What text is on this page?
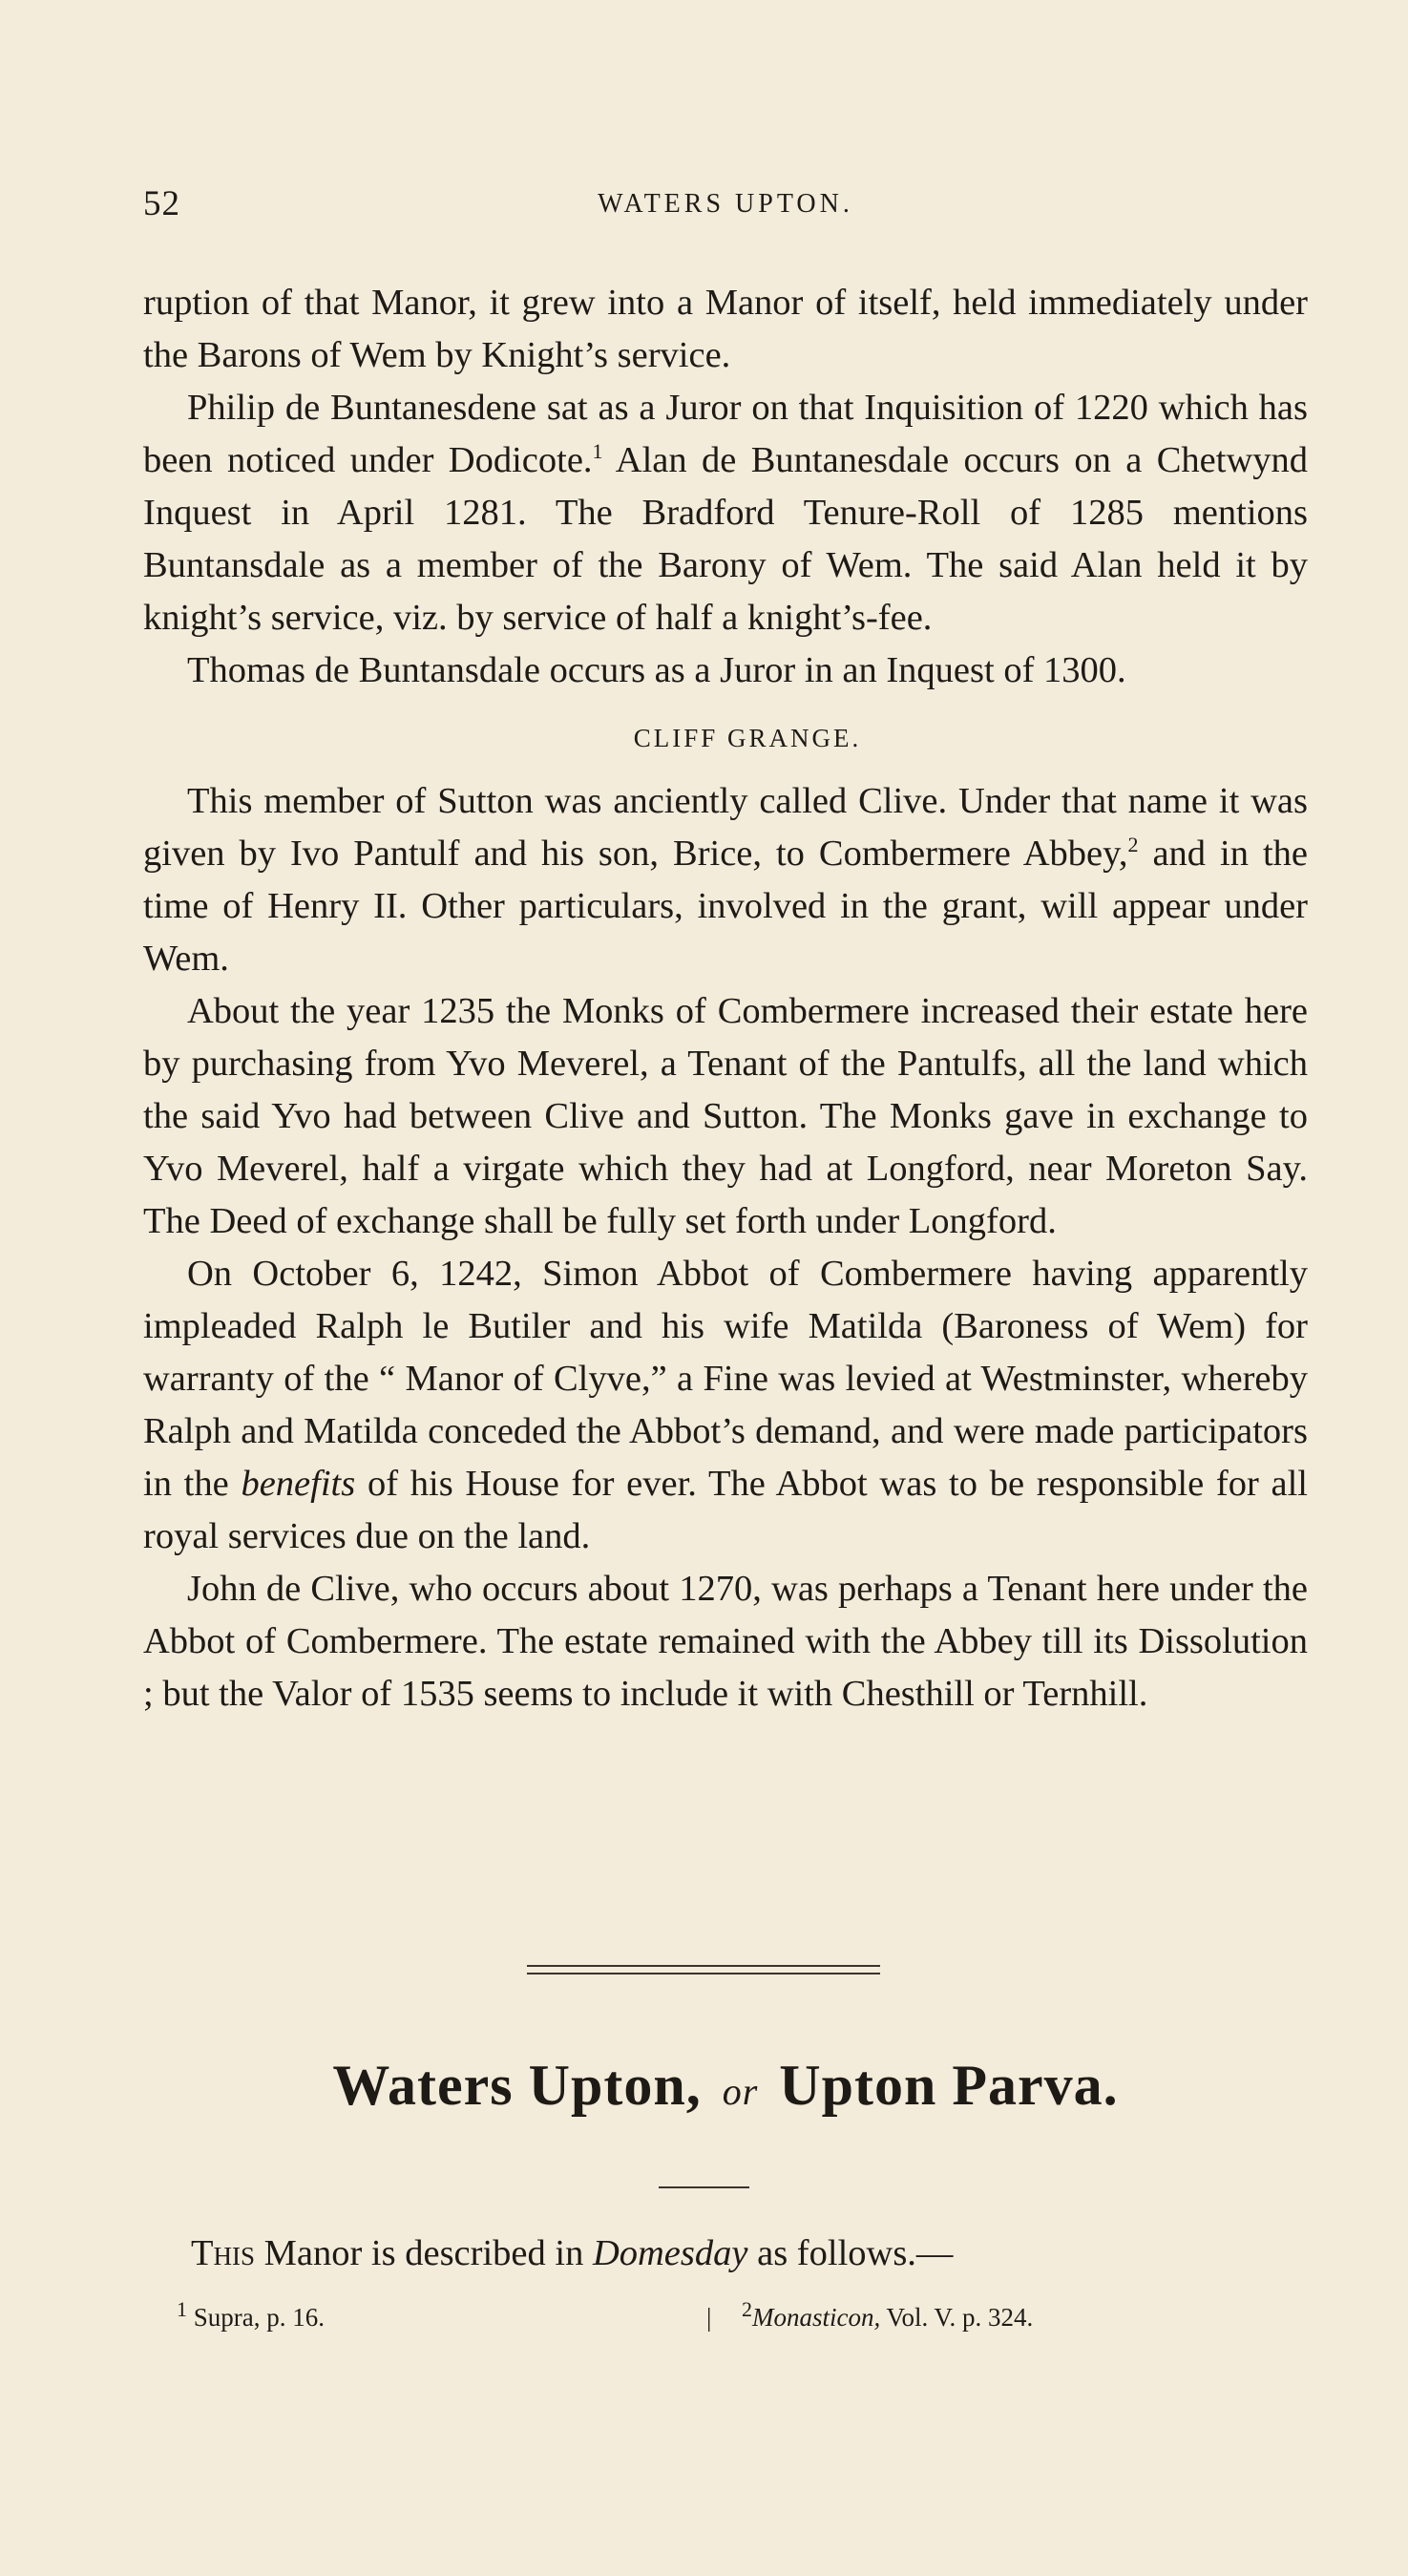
52	WATERS UPTON.

ruption of that Manor, it grew into a Manor of itself, held immediately under the Barons of Wem by Knight’s service.

Philip de Buntanesdene sat as a Juror on that Inquisition of 1220 which has been noticed under Dodicote.$^1$ Alan de Buntanesdale occurs on a Chetwynd Inquest in April 1281. The Bradford Tenure-Roll of 1285 mentions Buntansdale as a member of the Barony of Wem. The said Alan held it by knight’s service, viz. by service of half a knight’s-fee.

Thomas de Buntansdale occurs as a Juror in an Inquest of 1300.

CLIFF GRANGE.

This member of Sutton was anciently called Clive. Under that name it was given by Ivo Pantulf and his son, Brice, to Combermere Abbey,$^2$ and in the time of Henry II. Other particulars, involved in the grant, will appear under Wem.

About the year 1235 the Monks of Combermere increased their estate here by purchasing from Yvo Meverel, a Tenant of the Pantulfs, all the land which the said Yvo had between Clive and Sutton. The Monks gave in exchange to Yvo Meverel, half a virgate which they had at Longford, near Moreton Say. The Deed of exchange shall be fully set forth under Longford.

On October 6, 1242, Simon Abbot of Combermere having apparently impleaded Ralph le Butiler and his wife Matilda (Baroness of Wem) for warranty of the “ Manor of Clyve,” a Fine was levied at Westminster, whereby Ralph and Matilda conceded the Abbot’s demand, and were made participators in the benefits of his House for ever. The Abbot was to be responsible for all royal services due on the land.

John de Clive, who occurs about 1270, was perhaps a Tenant here under the Abbot of Combermere. The estate remained with the Abbey till its Dissolution ; but the Valor of 1535 seems to include it with Chesthill or Ternhill.

Waters Upton, or Upton Parva.
This Manor is described in Domesday as follows.—
$^1$ Supra, p. 16.	| $^2$Monasticon, Vol. V. p. 324.
